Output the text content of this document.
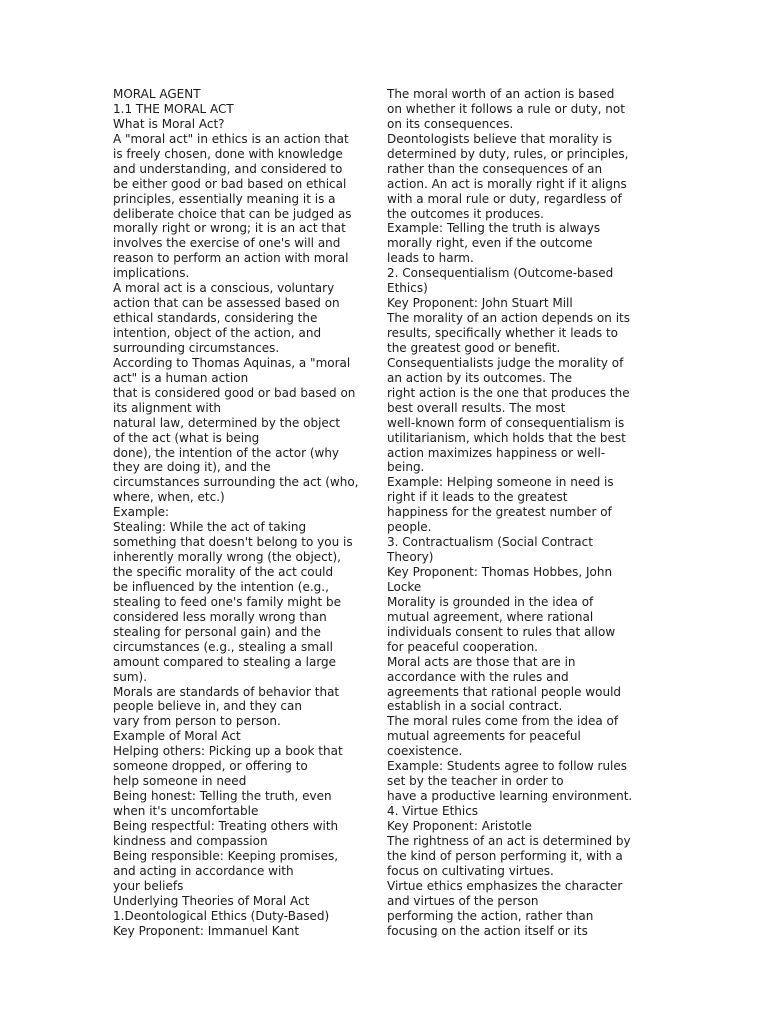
MORAL AGENT
1.1 THE MORAL ACT
What is Moral Act?
A "moral act" in ethics is an action that
is freely chosen, done with knowledge
and understanding, and considered to
be either good or bad based on ethical
principles, essentially meaning it is a
deliberate choice that can be judged as
morally right or wrong; it is an act that
involves the exercise of one's will and
reason to perform an action with moral
implications.
A moral act is a conscious, voluntary
action that can be assessed based on
ethical standards, considering the
intention, object of the action, and
surrounding circumstances.
According to Thomas Aquinas, a "moral
act" is a human action
that is considered good or bad based on
its alignment with
natural law, determined by the object
of the act (what is being
done), the intention of the actor (why
they are doing it), and the
circumstances surrounding the act (who,
where, when, etc.)
Example:
Stealing: While the act of taking
something that doesn't belong to you is
inherently morally wrong (the object),
the specific morality of the act could
be influenced by the intention (e.g.,
stealing to feed one's family might be
considered less morally wrong than
stealing for personal gain) and the
circumstances (e.g., stealing a small
amount compared to stealing a large
sum).
Morals are standards of behavior that
people believe in, and they can
vary from person to person.
Example of Moral Act
Helping others: Picking up a book that
someone dropped, or offering to
help someone in need
Being honest: Telling the truth, even
when it's uncomfortable
Being respectful: Treating others with
kindness and compassion
Being responsible: Keeping promises,
and acting in accordance with
your beliefs
Underlying Theories of Moral Act
1.Deontological Ethics (Duty-Based)
Key Proponent: Immanuel Kant
The moral worth of an action is based
on whether it follows a rule or duty, not
on its consequences.
Deontologists believe that morality is
determined by duty, rules, or principles,
rather than the consequences of an
action. An act is morally right if it aligns
with a moral rule or duty, regardless of
the outcomes it produces.
Example: Telling the truth is always
morally right, even if the outcome
leads to harm.
2. Consequentialism (Outcome-based
Ethics)
Key Proponent: John Stuart Mill
The morality of an action depends on its
results, specifically whether it leads to
the greatest good or benefit.
Consequentialists judge the morality of
an action by its outcomes. The
right action is the one that produces the
best overall results. The most
well-known form of consequentialism is
utilitarianism, which holds that the best
action maximizes happiness or well-
being.
Example: Helping someone in need is
right if it leads to the greatest
happiness for the greatest number of
people.
3. Contractualism (Social Contract
Theory)
Key Proponent: Thomas Hobbes, John
Locke
Morality is grounded in the idea of
mutual agreement, where rational
individuals consent to rules that allow
for peaceful cooperation.
Moral acts are those that are in
accordance with the rules and
agreements that rational people would
establish in a social contract.
The moral rules come from the idea of
mutual agreements for peaceful
coexistence.
Example: Students agree to follow rules
set by the teacher in order to
have a productive learning environment.
4. Virtue Ethics
Key Proponent: Aristotle
The rightness of an act is determined by
the kind of person performing it, with a
focus on cultivating virtues.
Virtue ethics emphasizes the character
and virtues of the person
performing the action, rather than
focusing on the action itself or its
